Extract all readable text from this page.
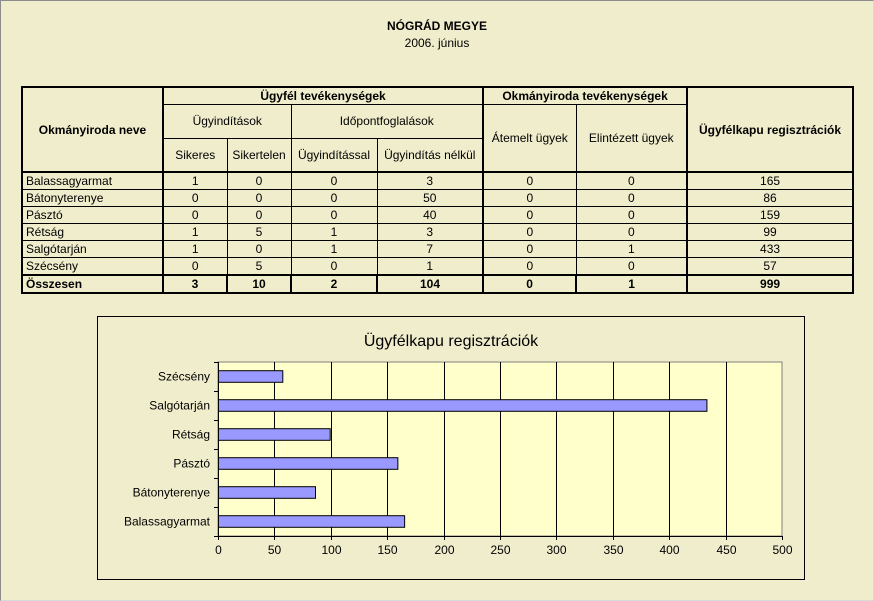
NÓGRÁD MEGYE
2006. június
Okmányiroda neve	Ügyfél tevékenységek				Okmányiroda tevékenységek		Ügyfélkapu regisztrációk
	Ügyindítások		Időpontfoglalások		Átemelt ügyek	Elintézett ügyek	
	Sikeres	Sikertelen	Ügyindítással	Ügyindítás nélkül			
Balassagyarmat	1	0	0	3	0	0	165
Bátonyterenye	0	0	0	50	0	0	86
Pásztó	0	0	0	40	0	0	159
Rétság	1	5	1	3	0	0	99
Salgótarján	1	0	1	7	0	1	433
Szécsény	0	5	0	1	0	0	57
Összesen	3	10	2	104	0	1	999
Ügyfélkapu regisztrációk
0	50	100	150	200	250	300	350	400	450	500
Balassagyarmat
Bátonyterenye
Pásztó
Rétság
Salgótarján
Szécsény
